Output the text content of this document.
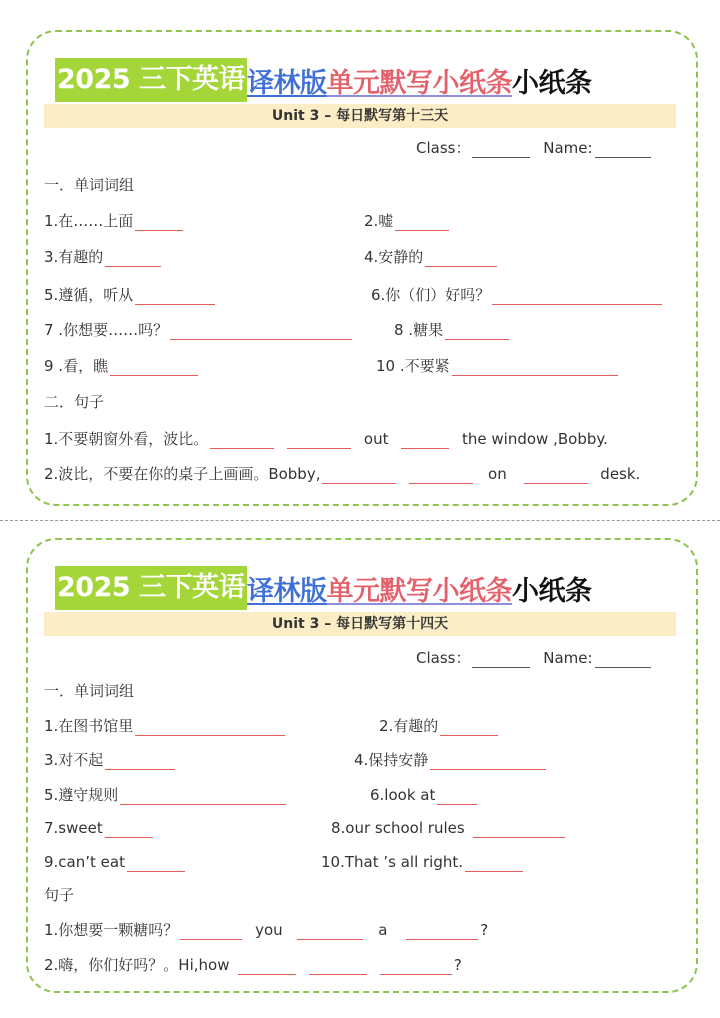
2025 三下英语 译林版 单元默写小纸条 小纸条
Unit 3 – 每日默写第十三天
Class：	Name:
一．单词词组
1.在……上面	2.嘘
3.有趣的	4.安静的
5.遵循，听从	6.你（们）好吗？
7 .你想要……吗？	8 .糖果
9 .看，瞧	10 .不要紧
二．句子
1.不要朝窗外看，波比。	out	the window ,Bobby.
2.波比，不要在你的桌子上画画。Bobby,	on	desk.
2025 三下英语 译林版 单元默写小纸条 小纸条
Unit 3 – 每日默写第十四天
Class：	Name:
一．单词词组
1.在图书馆里	2.有趣的
3.对不起	4.保持安静
5.遵守规则	6.look at
7.sweet	8.our school rules
9.can’t eat	10.That ’s all right.
句子
1.你想要一颗糖吗？	you	a	?
2.嗨，你们好吗？。Hi,how	?
